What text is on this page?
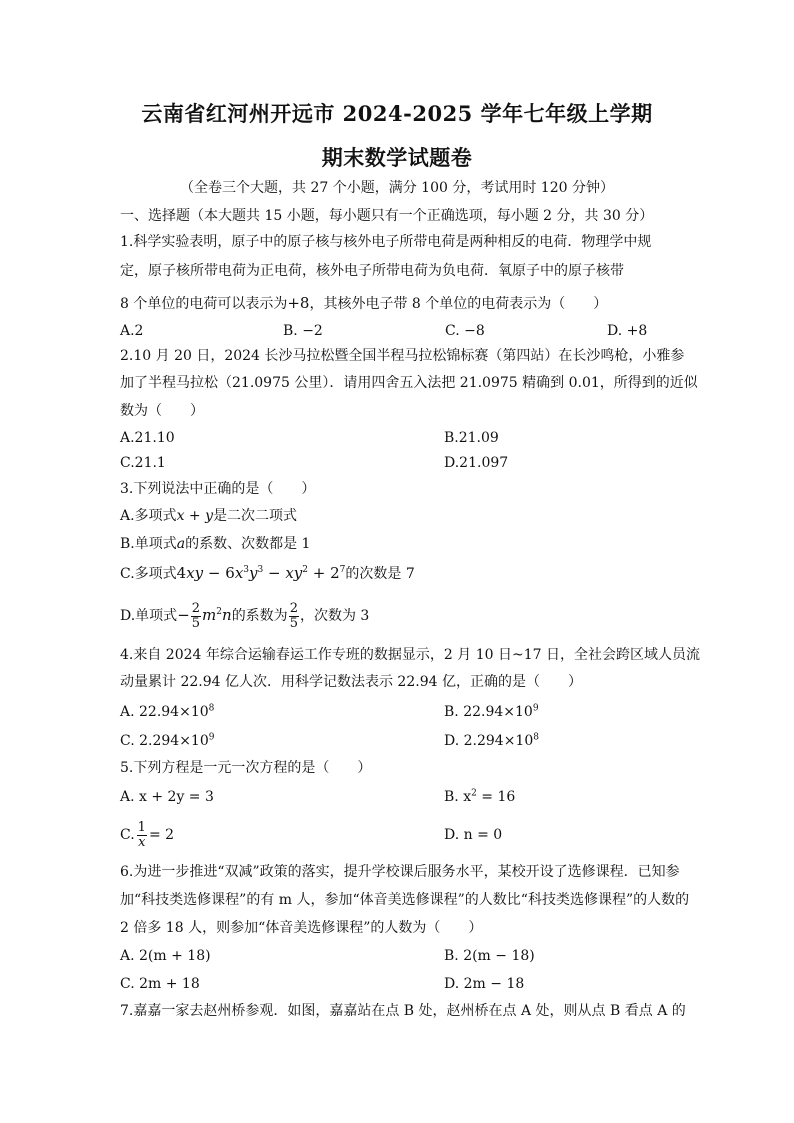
云南省红河州开远市 2024-2025 学年七年级上学期
期末数学试题卷
（全卷三个大题，共 27 个小题，满分 100 分，考试用时 120 分钟）
一、选择题（本大题共 15 小题，每小题只有一个正确选项，每小题 2 分，共 30 分）
1.科学实验表明，原子中的原子核与核外电子所带电荷是两种相反的电荷．物理学中规
定，原子核所带电荷为正电荷，核外电子所带电荷为负电荷．氧原子中的原子核带
8 个单位的电荷可以表示为+8，其核外电子带 8 个单位的电荷表示为（　　）
A.2	B. −2	C. −8	D. +8
2.10 月 20 日，2024 长沙马拉松暨全国半程马拉松锦标赛（第四站）在长沙鸣枪，小雅参
加了半程马拉松（21.0975 公里）．请用四舍五入法把 21.0975 精确到 0.01，所得到的近似
数为（　　）
A.21.10	B.21.09
C.21.1	D.21.097
3.下列说法中正确的是（　　）
A.多项式x + y是二次二项式
B.单项式a的系数、次数都是 1
C.多项式$4xy - 6x^3y^3 - xy^2 + 2^7$的次数是 7
D.单项式− $\frac{2}{5} m^2n$的系数为 $\frac{2}{5}$ ，次数为 3
4.来自 2024 年综合运输春运工作专班的数据显示，2 月 10 日~17 日，全社会跨区域人员流
动量累计 22.94 亿人次．用科学记数法表示 22.94 亿，正确的是（　　）
A. $22.94\times 10^8$	B. $22.94\times 10^9$
C. $2.294\times 10^9$	D. $2.294\times 10^8$
5.下列方程是一元一次方程的是（　　）
A. x + 2y = 3	B. $x^2 = 16$
C. $\frac{1}{x} = 2$	D. n = 0
6.为进一步推进“双减”政策的落实，提升学校课后服务水平，某校开设了选修课程．已知参
加“科技类选修课程”的有 m 人，参加“体音美选修课程”的人数比“科技类选修课程”的人数的
2 倍多 18 人，则参加“体音美选修课程”的人数为（　　）
A. 2(m + 18)	B. 2(m − 18)
C. 2m + 18	D. 2m − 18
7.嘉嘉一家去赵州桥参观．如图，嘉嘉站在点 B 处，赵州桥在点 A 处，则从点 B 看点 A 的
